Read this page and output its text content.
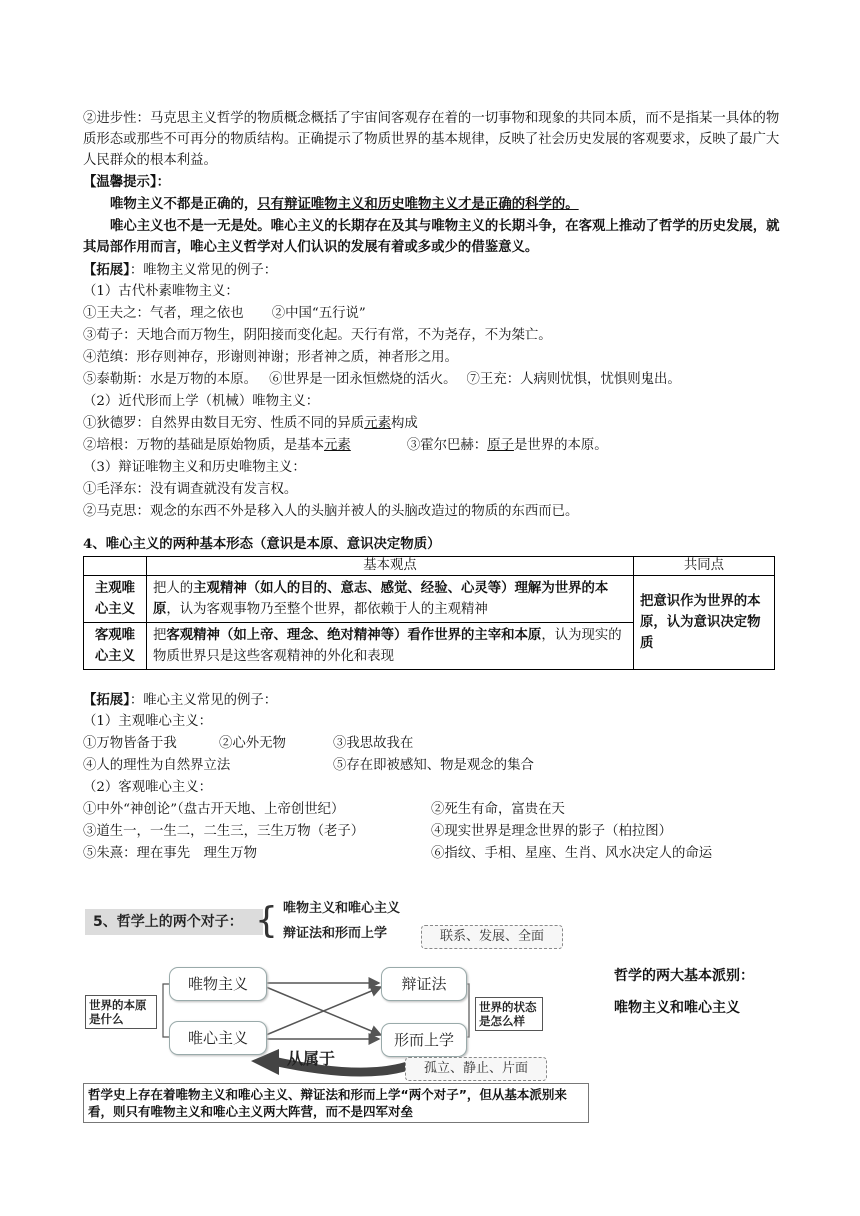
②进步性：马克思主义哲学的物质概念概括了宇宙间客观存在着的一切事物和现象的共同本质，而不是指某一具体的物质形态或那些不可再分的物质结构。正确提示了物质世界的基本规律，反映了社会历史发展的客观要求，反映了最广大人民群众的根本利益。
【温馨提示】：
唯物主义不都是正确的，只有辩证唯物主义和历史唯物主义才是正确的科学的。
唯心主义也不是一无是处。唯心主义的长期存在及其与唯物主义的长期斗争，在客观上推动了哲学的历史发展，就其局部作用而言，唯心主义哲学对人们认识的发展有着或多或少的借鉴意义。
【拓展】：唯物主义常见的例子：
（1）古代朴素唯物主义：
①王夫之：气者，理之依也 ②中国“五行说”
③荀子：天地合而万物生，阴阳接而变化起。天行有常，不为尧存，不为桀亡。
④范缜：形存则神存，形谢则神谢；形者神之质，神者形之用。
⑤泰勒斯：水是万物的本原。 ⑥世界是一团永恒燃烧的活火。 ⑦王充：人病则忧惧，忧惧则鬼出。
（2）近代形而上学（机械）唯物主义：
①狄德罗：自然界由数目无穷、性质不同的异质元素构成
②培根：万物的基础是原始物质，是基本元素	③霍尔巴赫：原子是世界的本原。
（3）辩证唯物主义和历史唯物主义：
①毛泽东：没有调查就没有发言权。
②马克思：观念的东西不外是移入人的头脑并被人的头脑改造过的物质的东西而已。
4、唯心主义的两种基本形态（意识是本原、意识决定物质）
	基本观点	共同点
主观唯心主义	把人的主观精神（如人的目的、意志、感觉、经验、心灵等）理解为世界的本原，认为客观事物乃至整个世界，都依赖于人的主观精神	把意识作为世界的本原，认为意识决定物质
客观唯心主义	把客观精神（如上帝、理念、绝对精神等）看作世界的主宰和本原，认为现实的物质世界只是这些客观精神的外化和表现	
【拓展】：唯心主义常见的例子：
（1）主观唯心主义：
①万物皆备于我	②心外无物	③我思故我在
④人的理性为自然界立法	⑤存在即被感知、物是观念的集合
（2）客观唯心主义：
①中外“神创论”（盘古开天地、上帝创世纪）	②死生有命，富贵在天
③道生一，一生二，二生三，三生万物（老子）	④现实世界是理念世界的影子（柏拉图）
⑤朱熹：理在事先　理生万物	⑥指纹、手相、星座、生肖、风水决定人的命运
5、哲学上的两个对子： { 唯物主义和唯心主义
辩证法和形而上学	联系、发展、全面
世界的本原是什么
唯物主义
唯心主义
辩证法
形而上学
世界的状态是怎么样
从属于
孤立、静止、片面
哲学史上存在着唯物主义和唯心主义、辩证法和形而上学“两个对子”，但从基本派别来看，则只有唯物主义和唯心主义两大阵营，而不是四军对垒
哲学的两大基本派别：
唯物主义和唯心主义
